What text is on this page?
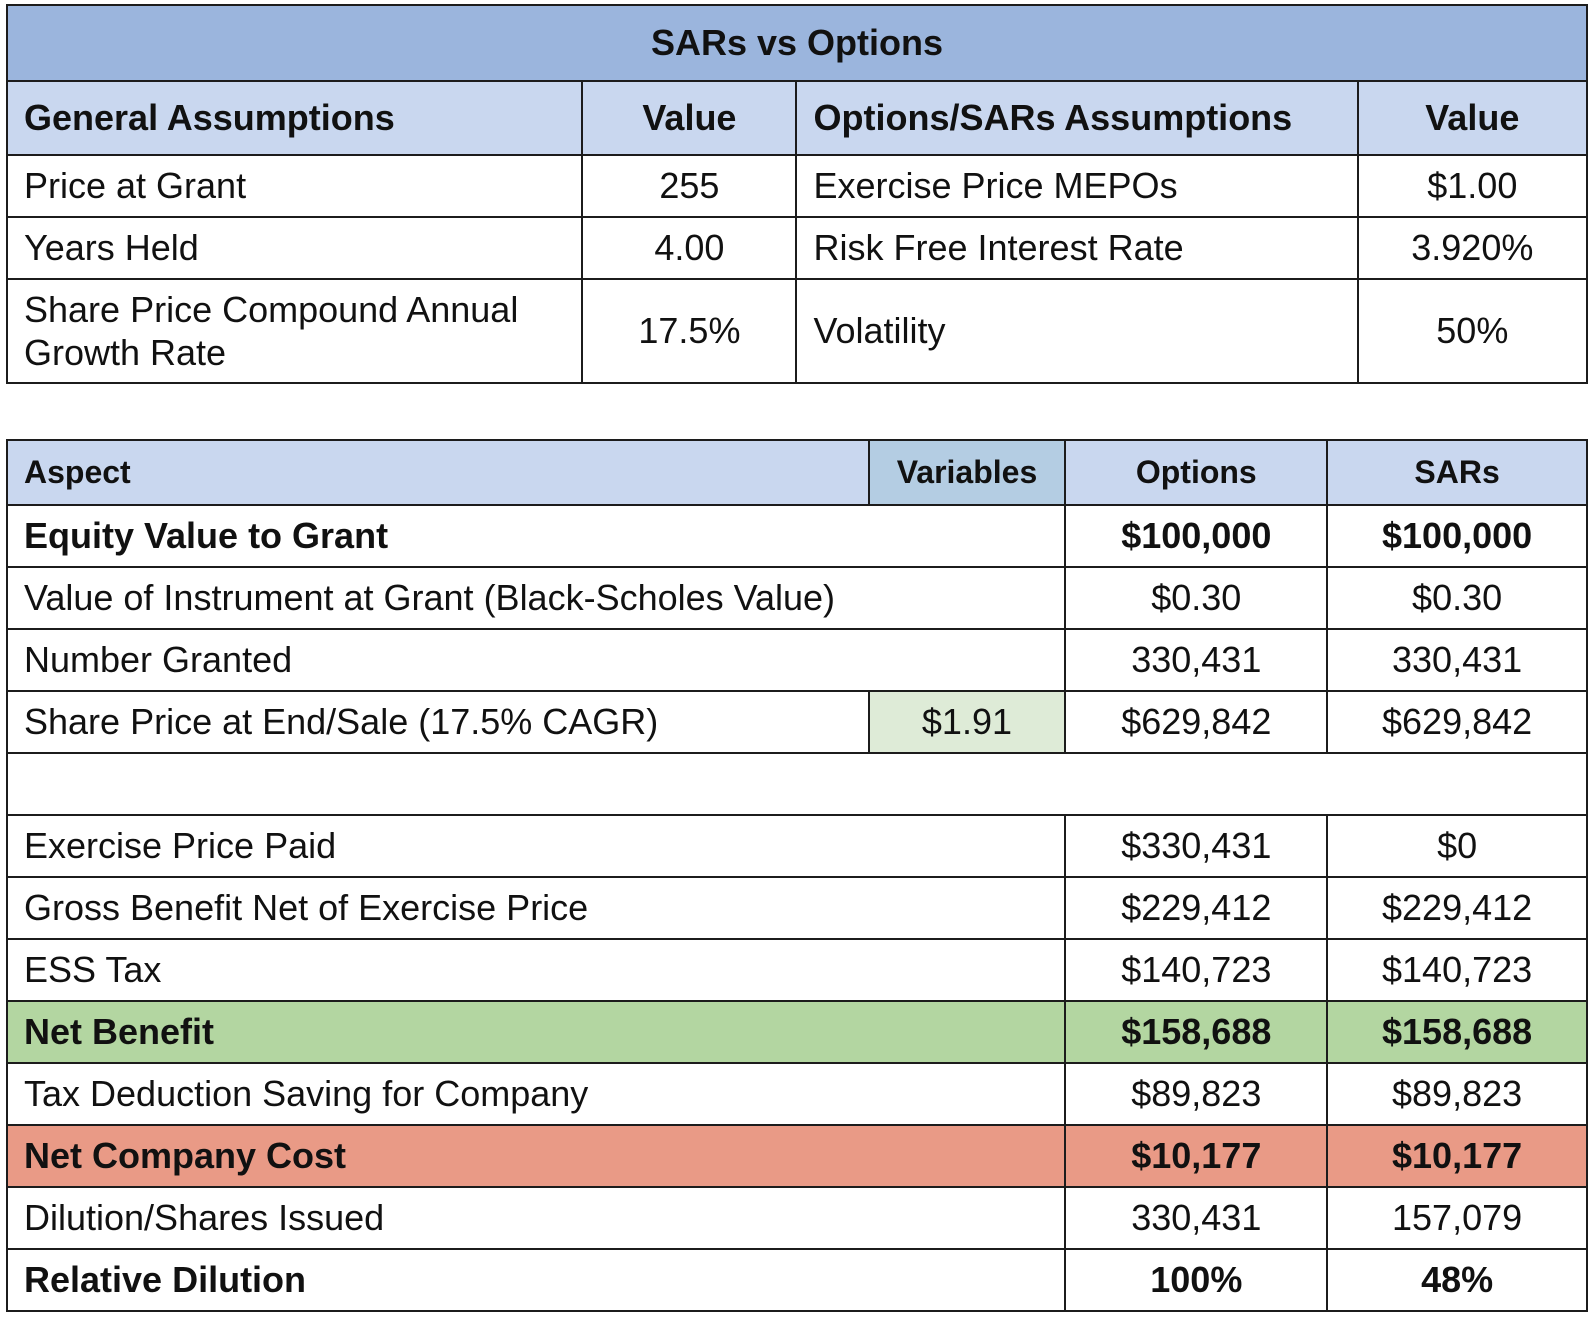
SARs vs Options			
General Assumptions	Value	Options/SARs Assumptions	Value
Price at Grant	255	Exercise Price MEPOs	$1.00
Years Held	4.00	Risk Free Interest Rate	3.920%
Share Price Compound Annual Growth Rate	17.5%	Volatility	50%
Aspect	Variables	Options	SARs
Equity Value to Grant		$100,000	$100,000
Value of Instrument at Grant (Black-Scholes Value)		$0.30	$0.30
Number Granted		330,431	330,431
Share Price at End/Sale (17.5% CAGR)	$1.91	$629,842	$629,842

Exercise Price Paid		$330,431	$0
Gross Benefit Net of Exercise Price		$229,412	$229,412
ESS Tax		$140,723	$140,723
Net Benefit		$158,688	$158,688
Tax Deduction Saving for Company		$89,823	$89,823
Net Company Cost		$10,177	$10,177
Dilution/Shares Issued		330,431	157,079
Relative Dilution		100%	48%
